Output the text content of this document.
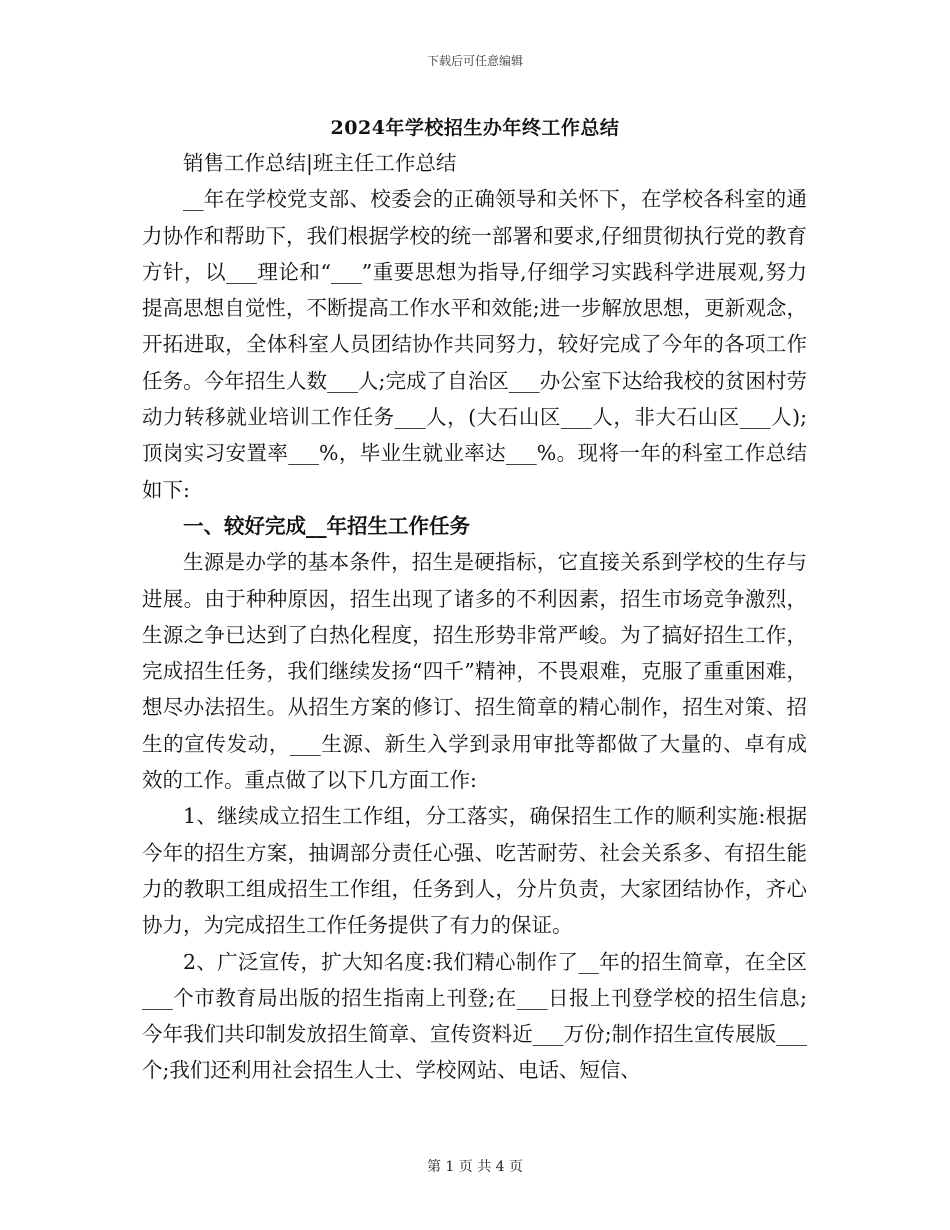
下载后可任意编辑
2024年学校招生办年终工作总结

销售工作总结|班主任工作总结

__年在学校党支部、校委会的正确领导和关怀下，在学校各科室的通力协作和帮助下，我们根据学校的统一部署和要求,仔细贯彻执行党的教育方针，以___理论和“___”重要思想为指导,仔细学习实践科学进展观,努力提高思想自觉性，不断提高工作水平和效能;进一步解放思想，更新观念，开拓进取，全体科室人员团结协作共同努力，较好完成了今年的各项工作任务。今年招生人数___人;完成了自治区___办公室下达给我校的贫困村劳动力转移就业培训工作任务___人，(大石山区___人，非大石山区___人);顶岗实习安置率___%，毕业生就业率达___%。现将一年的科室工作总结如下:

一、较好完成__年招生工作任务

生源是办学的基本条件，招生是硬指标，它直接关系到学校的生存与进展。由于种种原因，招生出现了诸多的不利因素，招生市场竞争激烈，生源之争已达到了白热化程度，招生形势非常严峻。为了搞好招生工作，完成招生任务，我们继续发扬“四千”精神，不畏艰难，克服了重重困难，想尽办法招生。从招生方案的修订、招生简章的精心制作，招生对策、招生的宣传发动，___生源、新生入学到录用审批等都做了大量的、卓有成效的工作。重点做了以下几方面工作:

1、继续成立招生工作组，分工落实，确保招生工作的顺利实施:根据今年的招生方案，抽调部分责任心强、吃苦耐劳、社会关系多、有招生能力的教职工组成招生工作组，任务到人，分片负责，大家团结协作，齐心协力，为完成招生工作任务提供了有力的保证。

2、广泛宣传，扩大知名度:我们精心制作了__年的招生简章，在全区___个市教育局出版的招生指南上刊登;在___日报上刊登学校的招生信息;今年我们共印制发放招生简章、宣传资料近___万份;制作招生宣传展版___个;我们还利用社会招生人士、学校网站、电话、短信、

第 1 页 共 4 页
